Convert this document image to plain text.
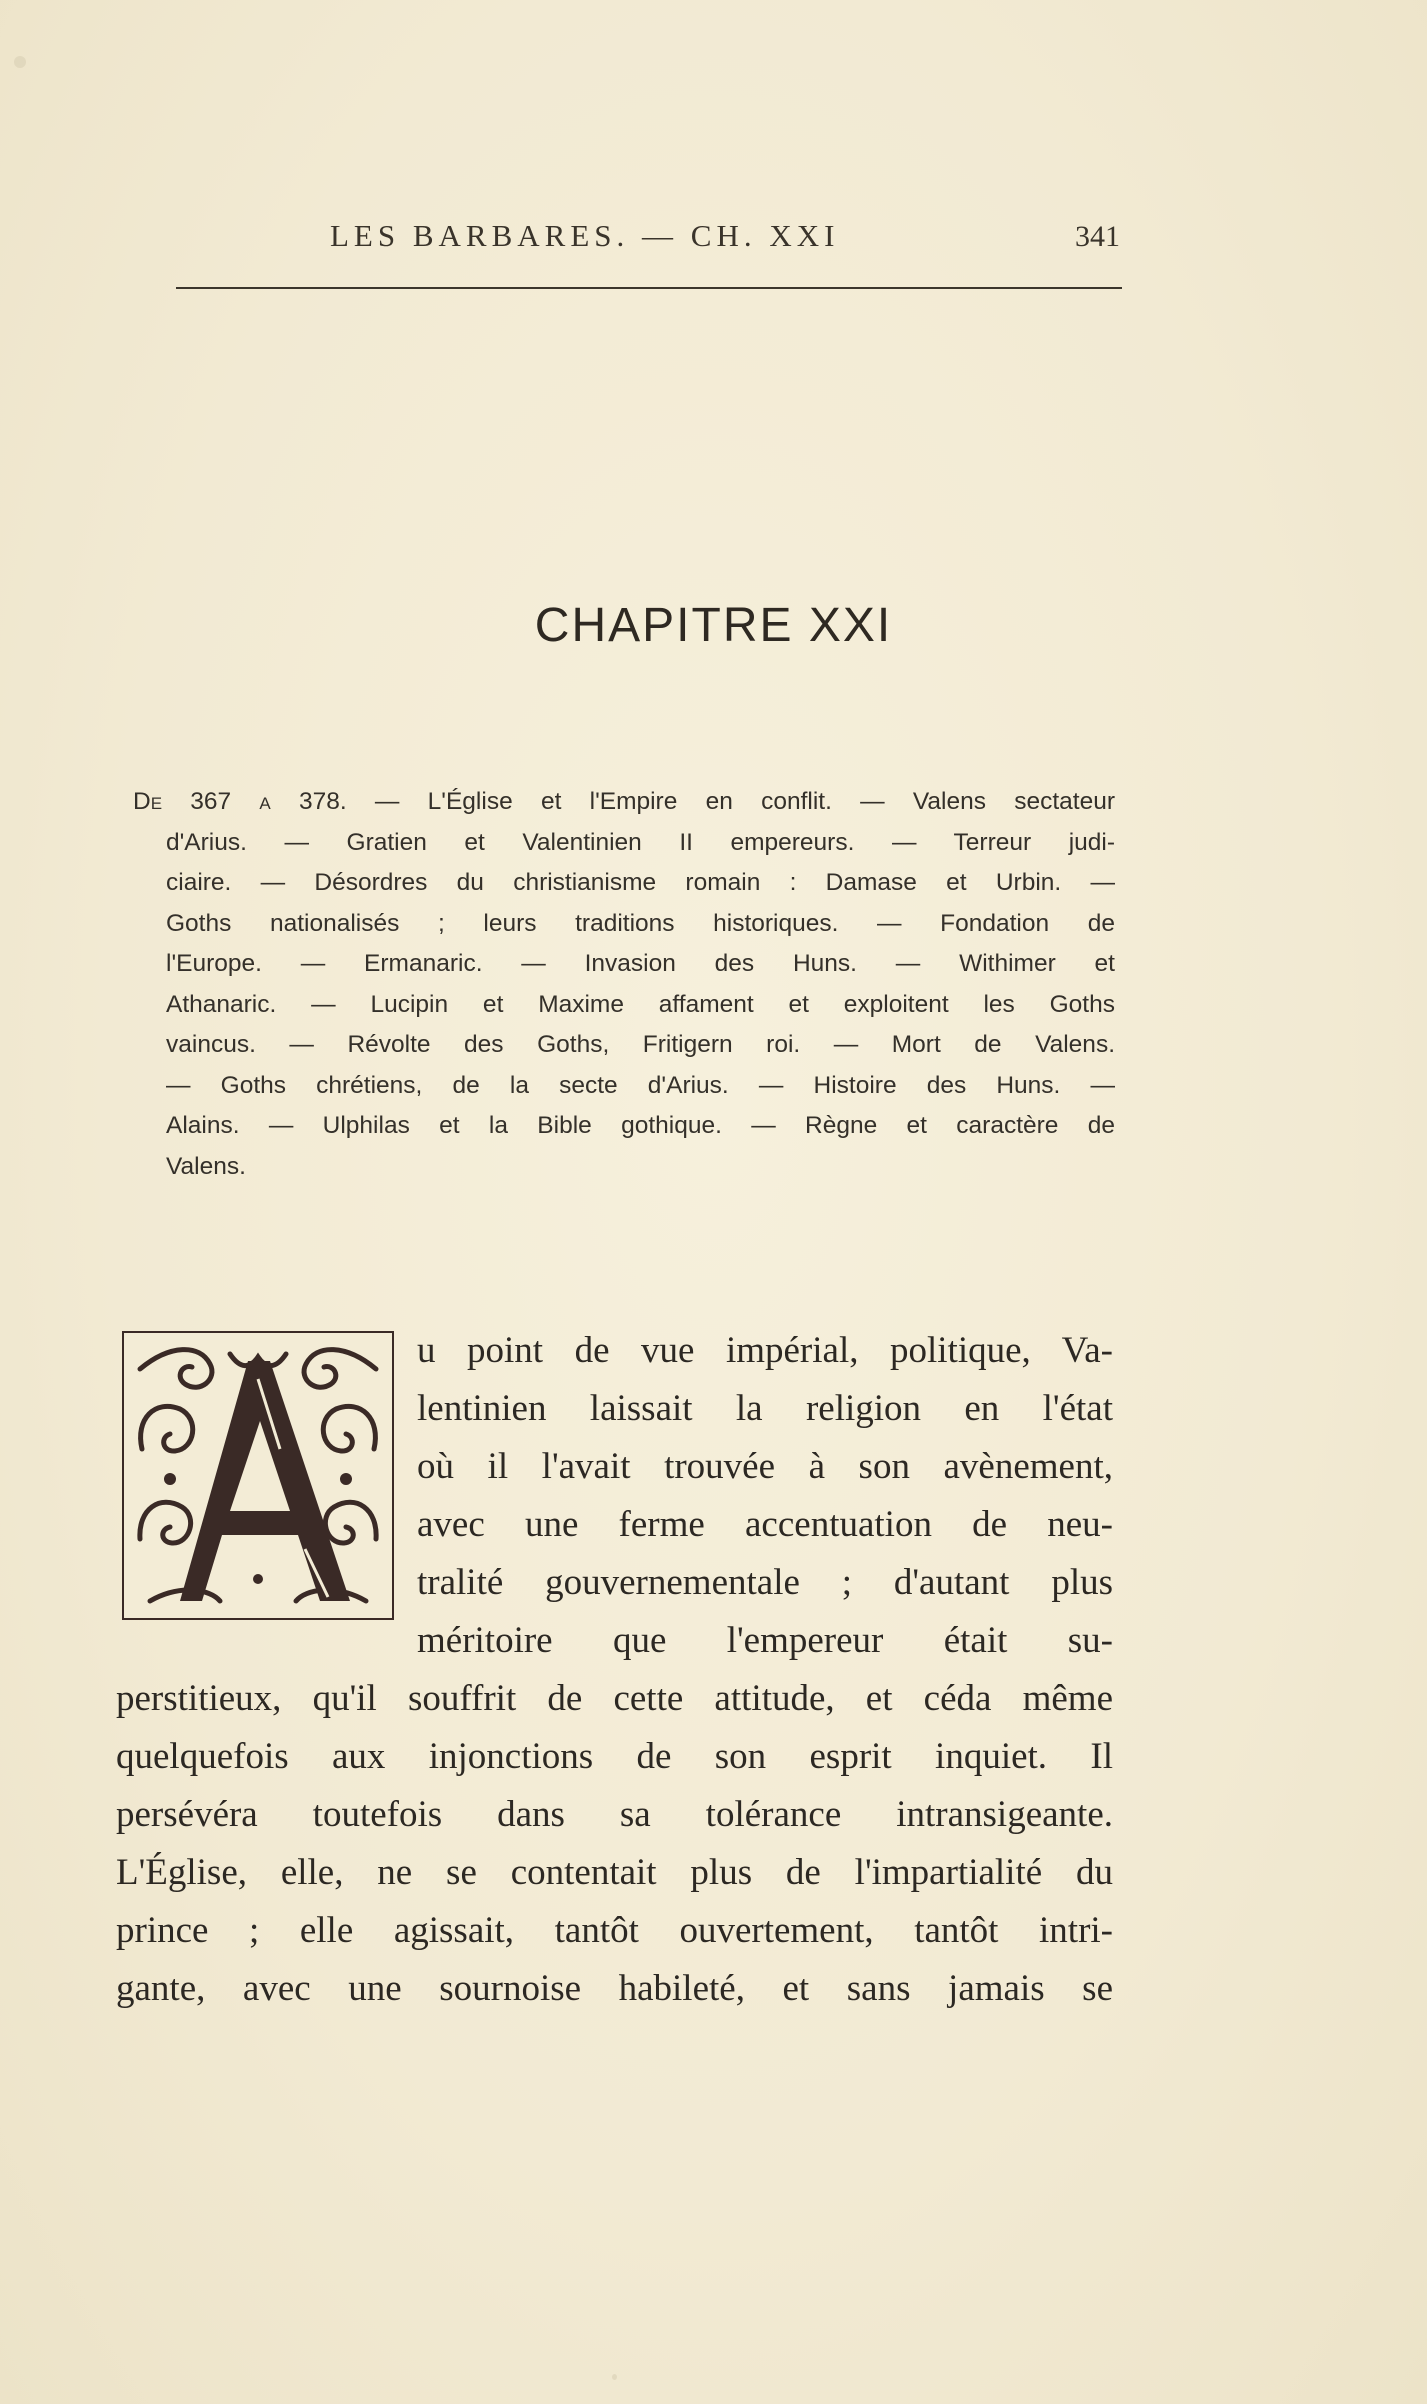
LES BARBARES. — CH. XXI	341
CHAPITRE XXI
De 367 a 378. — L'Église et l'Empire en conflit. — Valens sectateur
d'Arius. — Gratien et Valentinien II empereurs. — Terreur judi-
ciaire. — Désordres du christianisme romain : Damase et Urbin. —
Goths nationalisés ; leurs traditions historiques. — Fondation de
l'Europe. — Ermanaric. — Invasion des Huns. — Withimer et
Athanaric. — Lucipin et Maxime affament et exploitent les Goths
vaincus. — Révolte des Goths, Fritigern roi. — Mort de Valens.
— Goths chrétiens, de la secte d'Arius. — Histoire des Huns. —
Alains. — Ulphilas et la Bible gothique. — Règne et caractère de
Valens.
u point de vue impérial, politique, Va-
lentinien laissait la religion en l'état
où il l'avait trouvée à son avènement,
avec une ferme accentuation de neu-
tralité gouvernementale ; d'autant plus
méritoire que l'empereur était su-
perstitieux, qu'il souffrit de cette attitude, et céda même
quelquefois aux injonctions de son esprit inquiet. Il
persévéra toutefois dans sa tolérance intransigeante.
L'Église, elle, ne se contentait plus de l'impartialité du
prince ; elle agissait, tantôt ouvertement, tantôt intri-
gante, avec une sournoise habileté, et sans jamais se
